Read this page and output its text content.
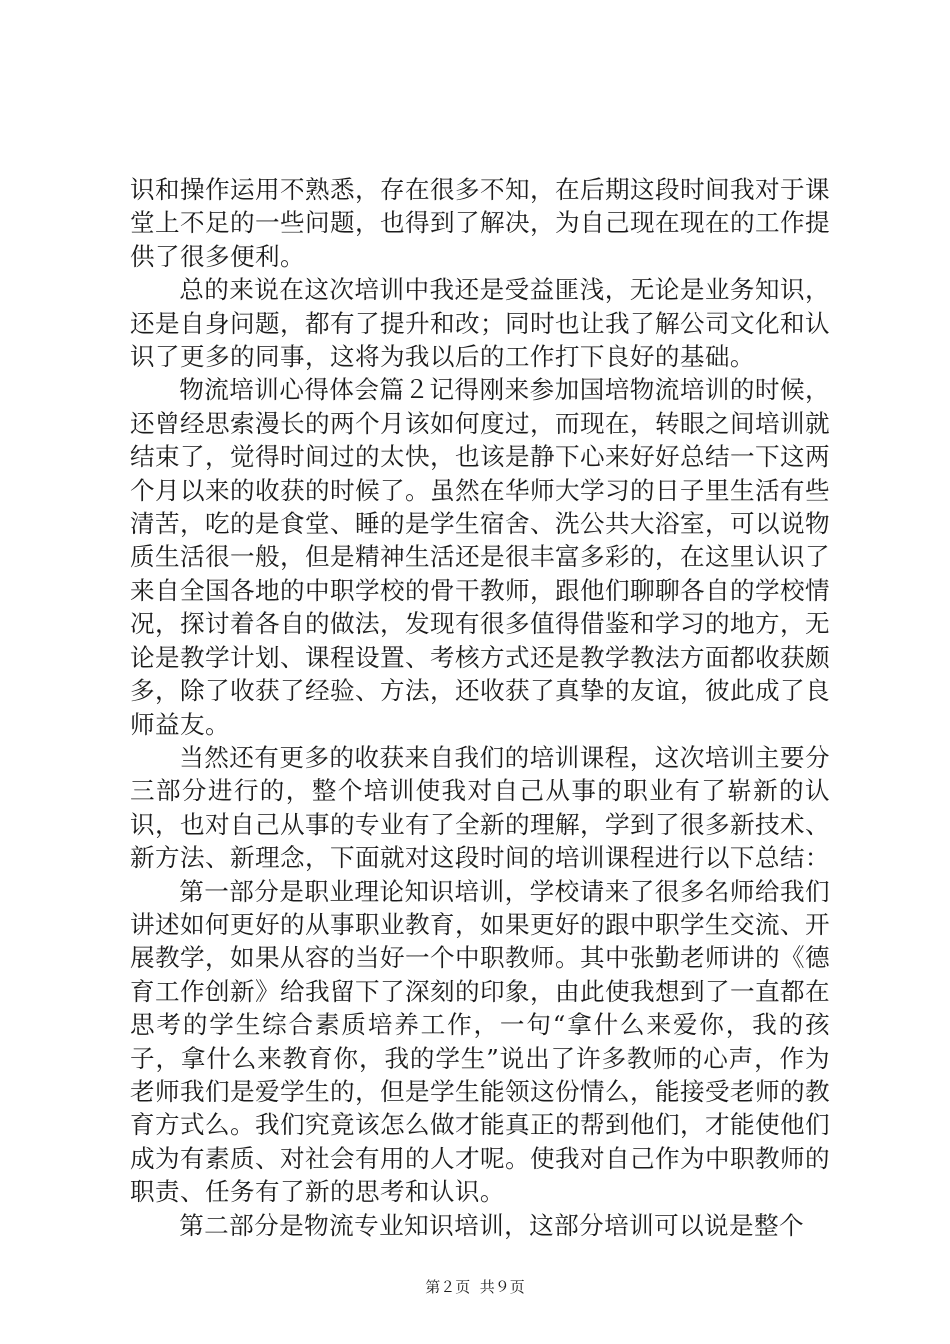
识和操作运用不熟悉，存在很多不知，在后期这段时间我对于课堂上不足的一些问题，也得到了解决，为自己现在现在的工作提供了很多便利。

总的来说在这次培训中我还是受益匪浅，无论是业务知识，还是自身问题，都有了提升和改；同时也让我了解公司文化和认识了更多的同事，这将为我以后的工作打下良好的基础。

物流培训心得体会篇２记得刚来参加国培物流培训的时候，还曾经思索漫长的两个月该如何度过，而现在，转眼之间培训就结束了，觉得时间过的太快，也该是静下心来好好总结一下这两个月以来的收获的时候了。虽然在华师大学习的日子里生活有些清苦，吃的是食堂、睡的是学生宿舍、洗公共大浴室，可以说物质生活很一般，但是精神生活还是很丰富多彩的，在这里认识了来自全国各地的中职学校的骨干教师，跟他们聊聊各自的学校情况，探讨着各自的做法，发现有很多值得借鉴和学习的地方，无论是教学计划、课程设置、考核方式还是教学教法方面都收获颇多，除了收获了经验、方法，还收获了真挚的友谊，彼此成了良师益友。

当然还有更多的收获来自我们的培训课程，这次培训主要分三部分进行的，整个培训使我对自己从事的职业有了崭新的认识，也对自己从事的专业有了全新的理解，学到了很多新技术、新方法、新理念，下面就对这段时间的培训课程进行以下总结：

第一部分是职业理论知识培训，学校请来了很多名师给我们讲述如何更好的从事职业教育，如果更好的跟中职学生交流、开展教学，如果从容的当好一个中职教师。其中张勤老师讲的《德育工作创新》给我留下了深刻的印象，由此使我想到了一直都在思考的学生综合素质培养工作，一句“拿什么来爱你，我的孩子，拿什么来教育你，我的学生”说出了许多教师的心声，作为老师我们是爱学生的，但是学生能领这份情么，能接受老师的教育方式么。我们究竟该怎么做才能真正的帮到他们，才能使他们成为有素质、对社会有用的人才呢。使我对自己作为中职教师的职责、任务有了新的思考和认识。

第二部分是物流专业知识培训，这部分培训可以说是整个

第２页  共９页
